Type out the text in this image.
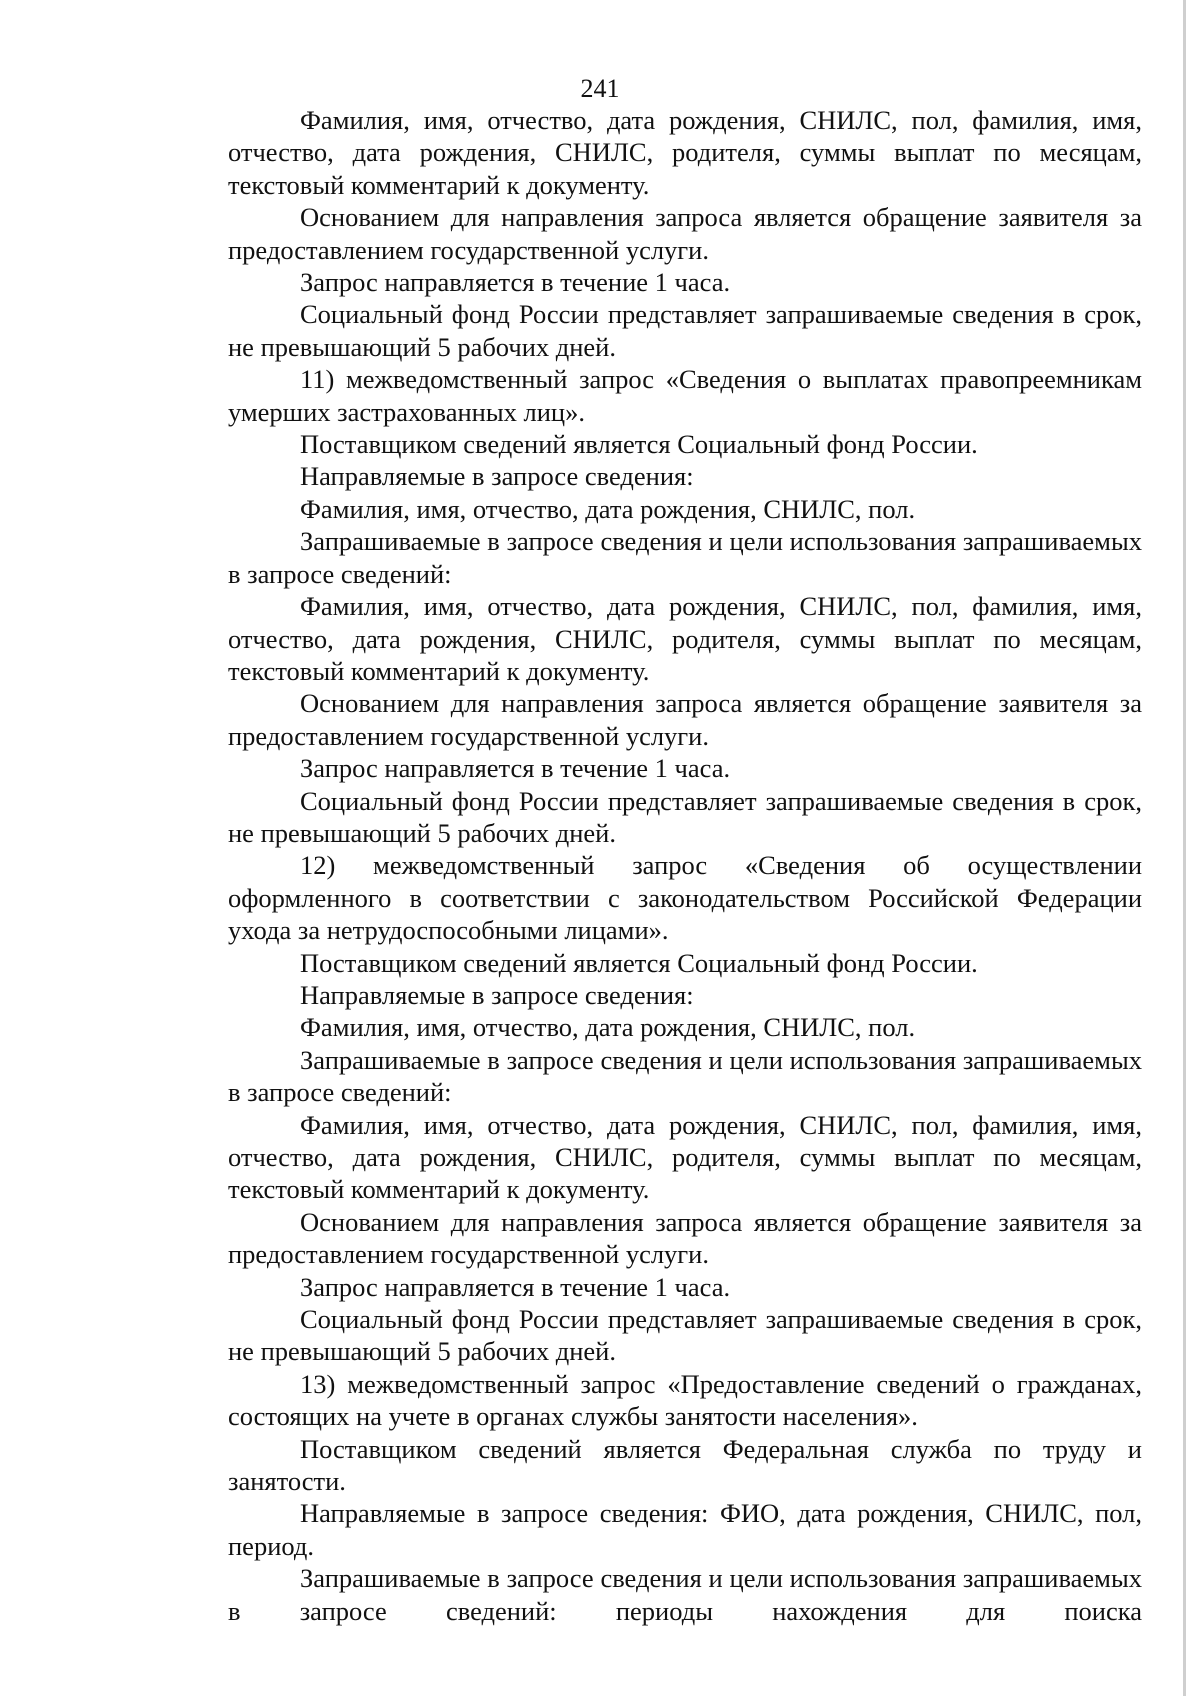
241

Фамилия, имя, отчество, дата рождения, СНИЛС, пол, фамилия, имя, отчество, дата рождения, СНИЛС, родителя, суммы выплат по месяцам, текстовый комментарий к документу.

Основанием для направления запроса является обращение заявителя за предоставлением государственной услуги.

Запрос направляется в течение 1 часа.

Социальный фонд России представляет запрашиваемые сведения в срок, не превышающий 5 рабочих дней.

11) межведомственный запрос «Сведения о выплатах правопреемникам умерших застрахованных лиц».

Поставщиком сведений является Социальный фонд России.

Направляемые в запросе сведения:

Фамилия, имя, отчество, дата рождения, СНИЛС, пол.

Запрашиваемые в запросе сведения и цели использования запрашиваемых в запросе сведений:

Фамилия, имя, отчество, дата рождения, СНИЛС, пол, фамилия, имя, отчество, дата рождения, СНИЛС, родителя, суммы выплат по месяцам, текстовый комментарий к документу.

Основанием для направления запроса является обращение заявителя за предоставлением государственной услуги.

Запрос направляется в течение 1 часа.

Социальный фонд России представляет запрашиваемые сведения в срок, не превышающий 5 рабочих дней.

12) межведомственный запрос «Сведения об осуществлении оформленного в соответствии с законодательством Российской Федерации ухода за нетрудоспособными лицами».

Поставщиком сведений является Социальный фонд России.

Направляемые в запросе сведения:

Фамилия, имя, отчество, дата рождения, СНИЛС, пол.

Запрашиваемые в запросе сведения и цели использования запрашиваемых в запросе сведений:

Фамилия, имя, отчество, дата рождения, СНИЛС, пол, фамилия, имя, отчество, дата рождения, СНИЛС, родителя, суммы выплат по месяцам, текстовый комментарий к документу.

Основанием для направления запроса является обращение заявителя за предоставлением государственной услуги.

Запрос направляется в течение 1 часа.

Социальный фонд России представляет запрашиваемые сведения в срок, не превышающий 5 рабочих дней.

13) межведомственный запрос «Предоставление сведений о гражданах, состоящих на учете в органах службы занятости населения».

Поставщиком сведений является Федеральная служба по труду и занятости.

Направляемые в запросе сведения: ФИО, дата рождения, СНИЛС, пол, период.

Запрашиваемые в запросе сведения и цели использования запрашиваемых в запросе сведений: периоды нахождения для поиска
